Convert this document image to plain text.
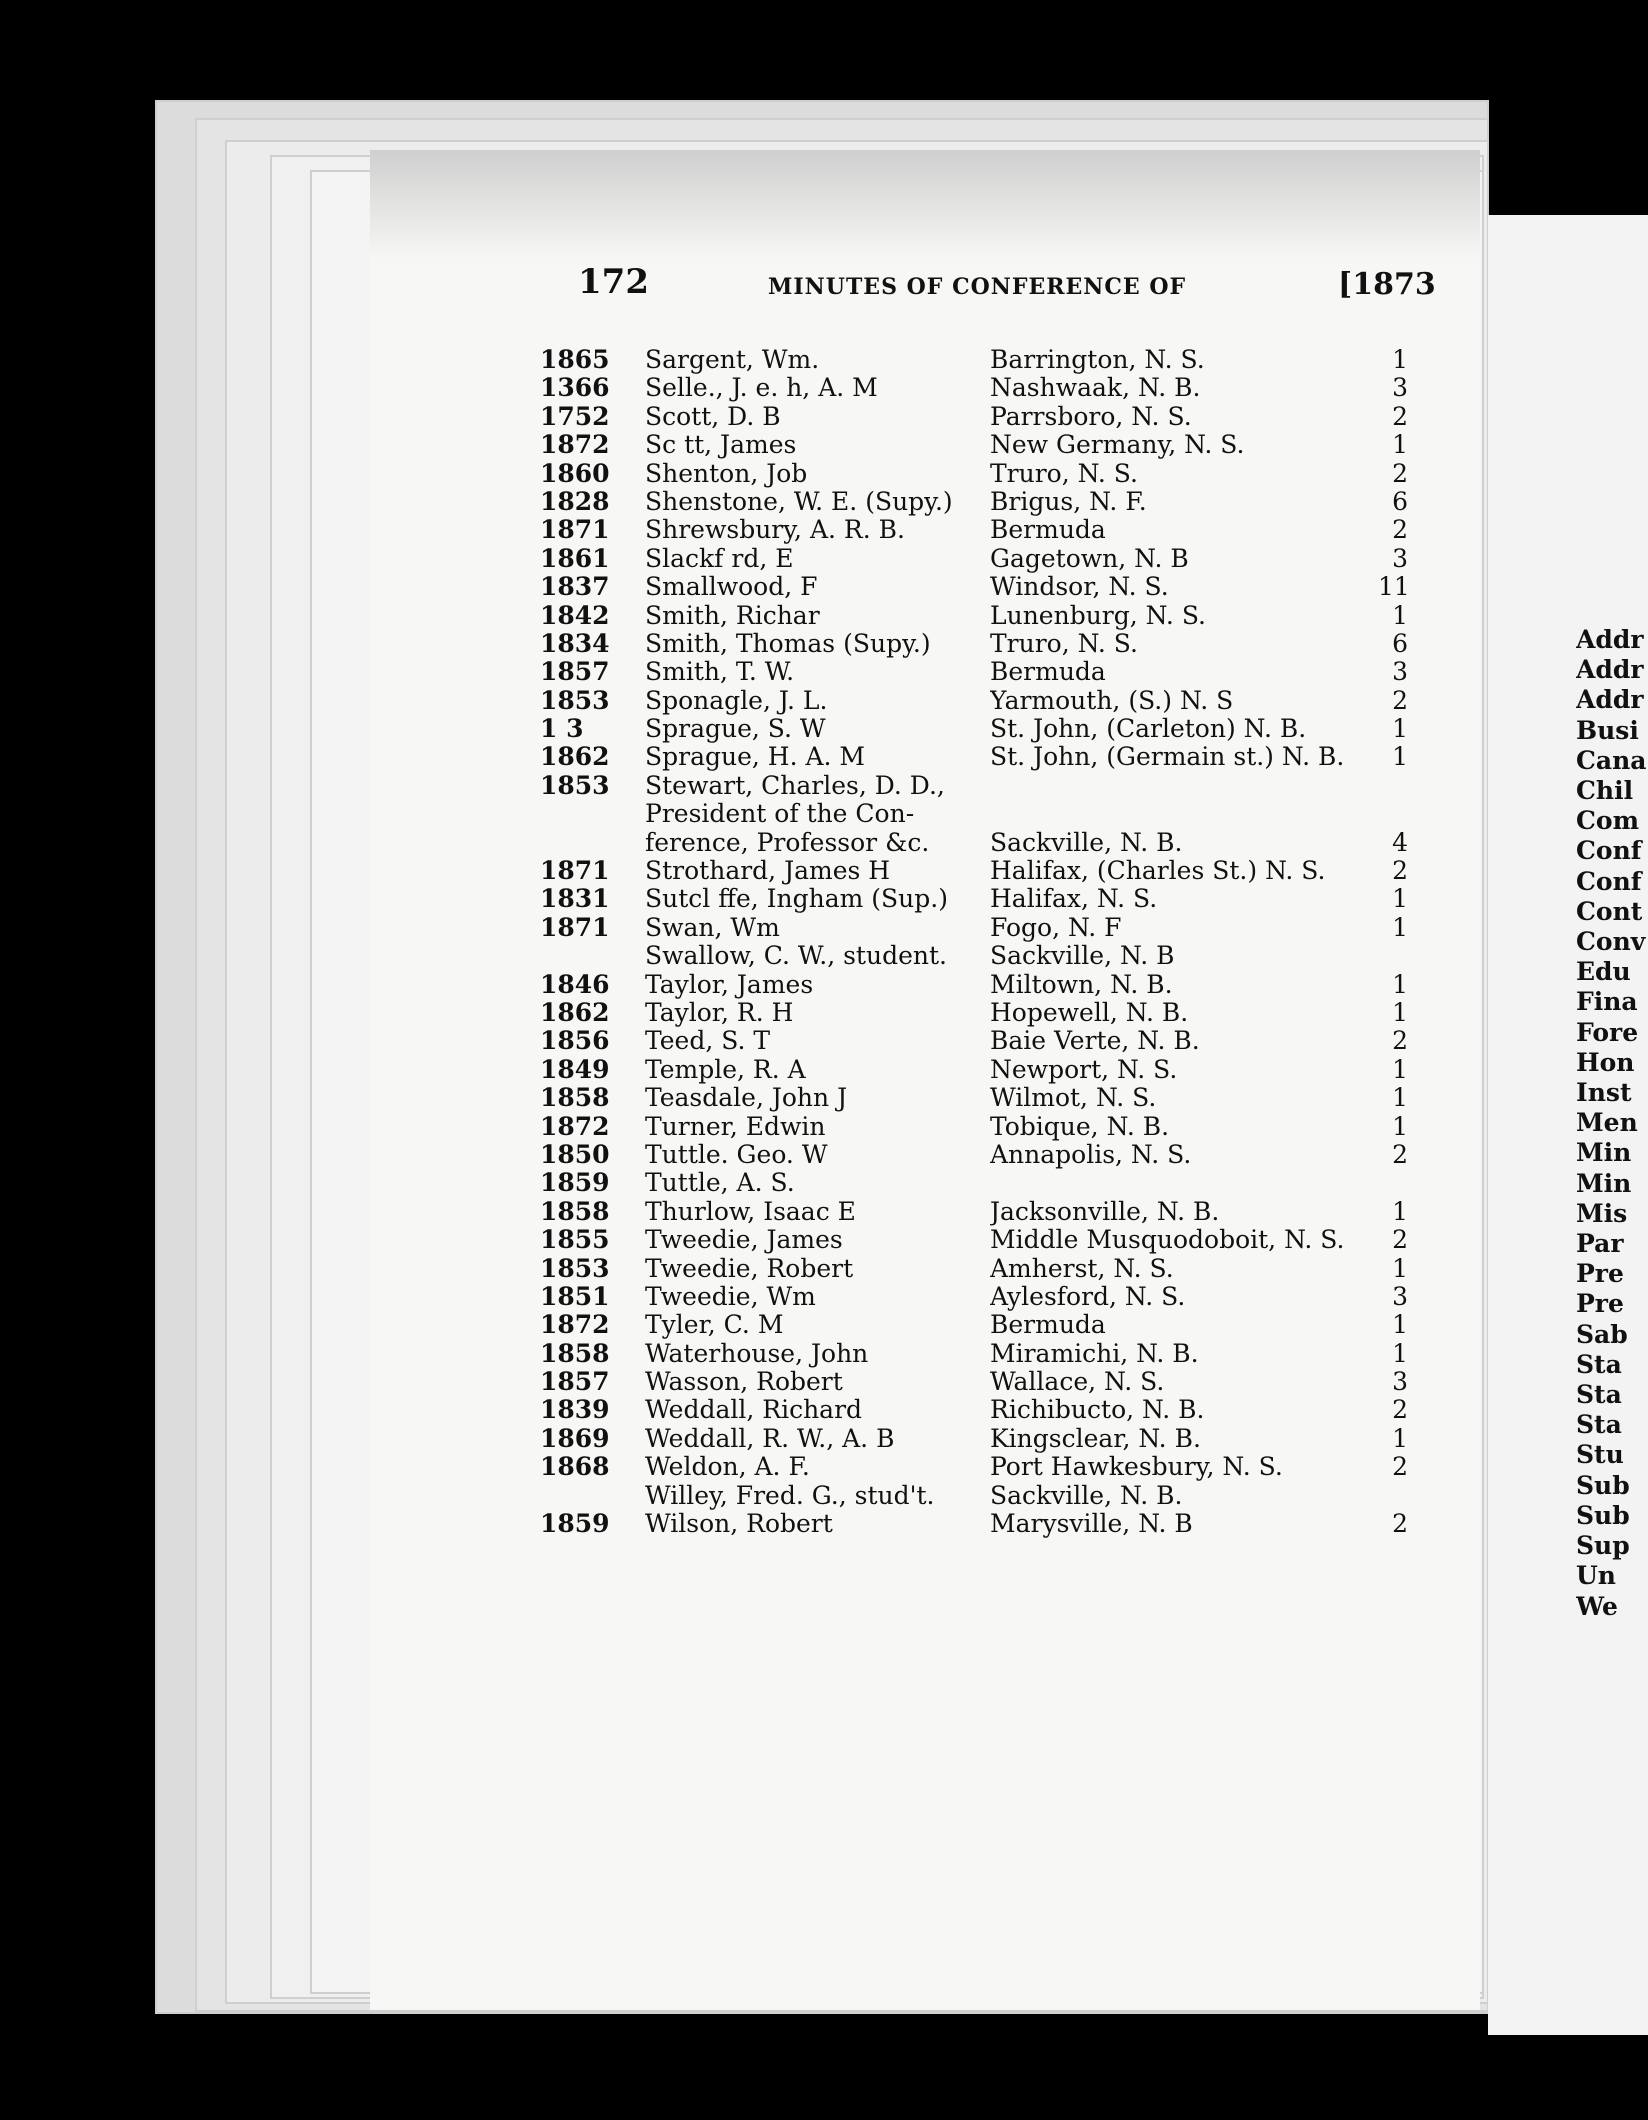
Addr
Addr
Addr
Busi
Cana
Chil
Com
Conf
Conf
Cont
Conv
Edu
Fina
Fore
Hon
Inst
Men
Min
Min
Mis
Par
Pre
Pre
Sab
Sta
Sta
Sta
Stu
Sub
Sub
Sup
Un
We
172	MINUTES OF CONFERENCE OF	[1873
1865	Sargent, Wm.	Barrington, N. S.	1
1366	Selle., J. e. h, A. M	Nashwaak, N. B.	3
1752	Scott, D. B	Parrsboro, N. S.	2
1872	Sc tt, James	New Germany, N. S.	1
1860	Shenton, Job	Truro, N. S.	2
1828	Shenstone, W. E. (Supy.)	Brigus, N. F.	6
1871	Shrewsbury, A. R. B.	Bermuda	2
1861	Slackf rd, E	Gagetown, N. B	3
1837	Smallwood, F	Windsor, N. S.	11
1842	Smith, Richar	Lunenburg, N. S.	1
1834	Smith, Thomas (Supy.)	Truro, N. S.	6
1857	Smith, T. W.	Bermuda	3
1853	Sponagle, J. L.	Yarmouth, (S.) N. S	2
1 3	Sprague, S. W	St. John, (Carleton) N. B.	1
1862	Sprague, H. A. M	St. John, (Germain st.) N. B.	1
1853	Stewart, Charles, D. D.,
President of the Con-
ference, Professor &c.	Sackville, N. B.	4
1871	Strothard, James H	Halifax, (Charles St.) N. S.	2
1831	Sutcl ffe, Ingham (Sup.)	Halifax, N. S.	1
1871	Swan, Wm	Fogo, N. F	1
Swallow, C. W., student.	Sackville, N. B
1846	Taylor, James	Miltown, N. B.	1
1862	Taylor, R. H	Hopewell, N. B.	1
1856	Teed, S. T	Baie Verte, N. B.	2
1849	Temple, R. A	Newport, N. S.	1
1858	Teasdale, John J	Wilmot, N. S.	1
1872	Turner, Edwin	Tobique, N. B.	1
1850	Tuttle. Geo. W	Annapolis, N. S.	2
1859	Tuttle, A. S.
1858	Thurlow, Isaac E	Jacksonville, N. B.	1
1855	Tweedie, James	Middle Musquodoboit, N. S.	2
1853	Tweedie, Robert	Amherst, N. S.	1
1851	Tweedie, Wm	Aylesford, N. S.	3
1872	Tyler, C. M	Bermuda	1
1858	Waterhouse, John	Miramichi, N. B.	1
1857	Wasson, Robert	Wallace, N. S.	3
1839	Weddall, Richard	Richibucto, N. B.	2
1869	Weddall, R. W., A. B	Kingsclear, N. B.	1
1868	Weldon, A. F.	Port Hawkesbury, N. S.	2
Willey, Fred. G., stud't.	Sackville, N. B.
1859	Wilson, Robert	Marysville, N. B	2
